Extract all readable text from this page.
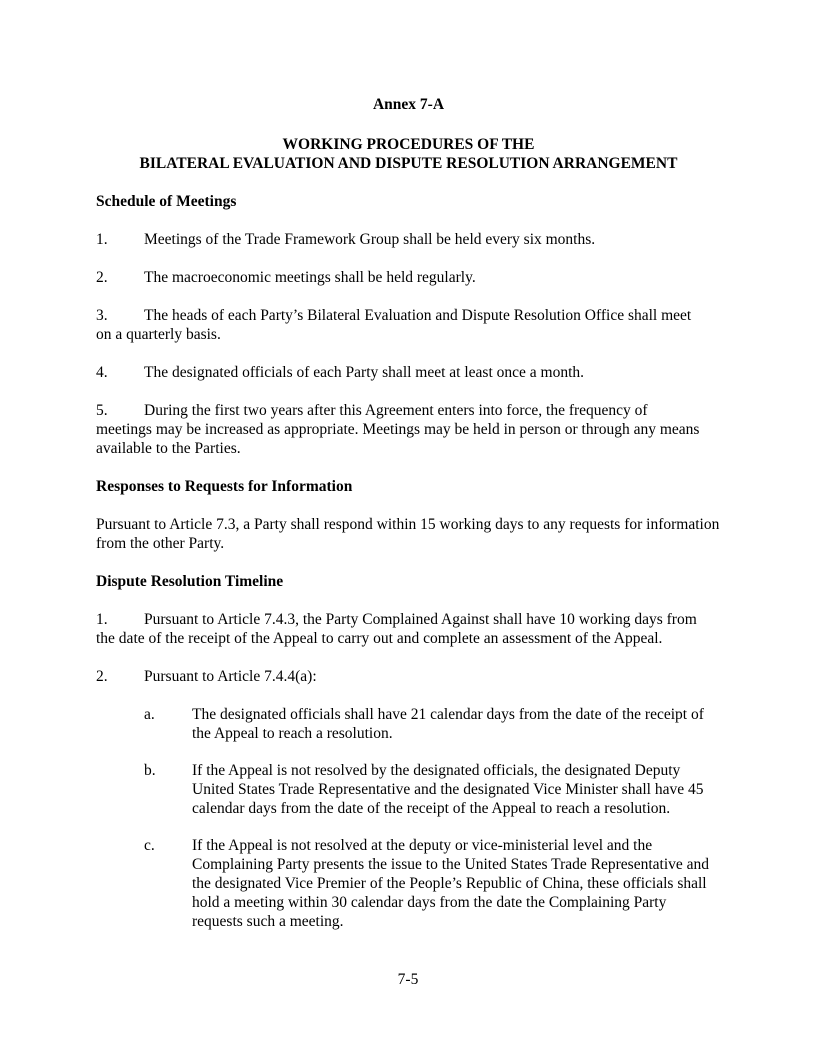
Annex 7-A
WORKING PROCEDURES OF THE
BILATERAL EVALUATION AND DISPUTE RESOLUTION ARRANGEMENT
Schedule of Meetings
1.	Meetings of the Trade Framework Group shall be held every six months.
2.	The macroeconomic meetings shall be held regularly.
3.	The heads of each Party’s Bilateral Evaluation and Dispute Resolution Office shall meet
on a quarterly basis.
4.	The designated officials of each Party shall meet at least once a month.
5.	During the first two years after this Agreement enters into force, the frequency of
meetings may be increased as appropriate. Meetings may be held in person or through any means available to the Parties.
Responses to Requests for Information
Pursuant to Article 7.3, a Party shall respond within 15 working days to any requests for information from the other Party.
Dispute Resolution Timeline
1.	Pursuant to Article 7.4.3, the Party Complained Against shall have 10 working days from
the date of the receipt of the Appeal to carry out and complete an assessment of the Appeal.
2.	Pursuant to Article 7.4.4(a):
a.	The designated officials shall have 21 calendar days from the date of the receipt of the Appeal to reach a resolution.
b.	If the Appeal is not resolved by the designated officials, the designated Deputy United States Trade Representative and the designated Vice Minister shall have 45 calendar days from the date of the receipt of the Appeal to reach a resolution.
c.	If the Appeal is not resolved at the deputy or vice-ministerial level and the Complaining Party presents the issue to the United States Trade Representative and the designated Vice Premier of the People’s Republic of China, these officials shall hold a meeting within 30 calendar days from the date the Complaining Party requests such a meeting.
7-5
